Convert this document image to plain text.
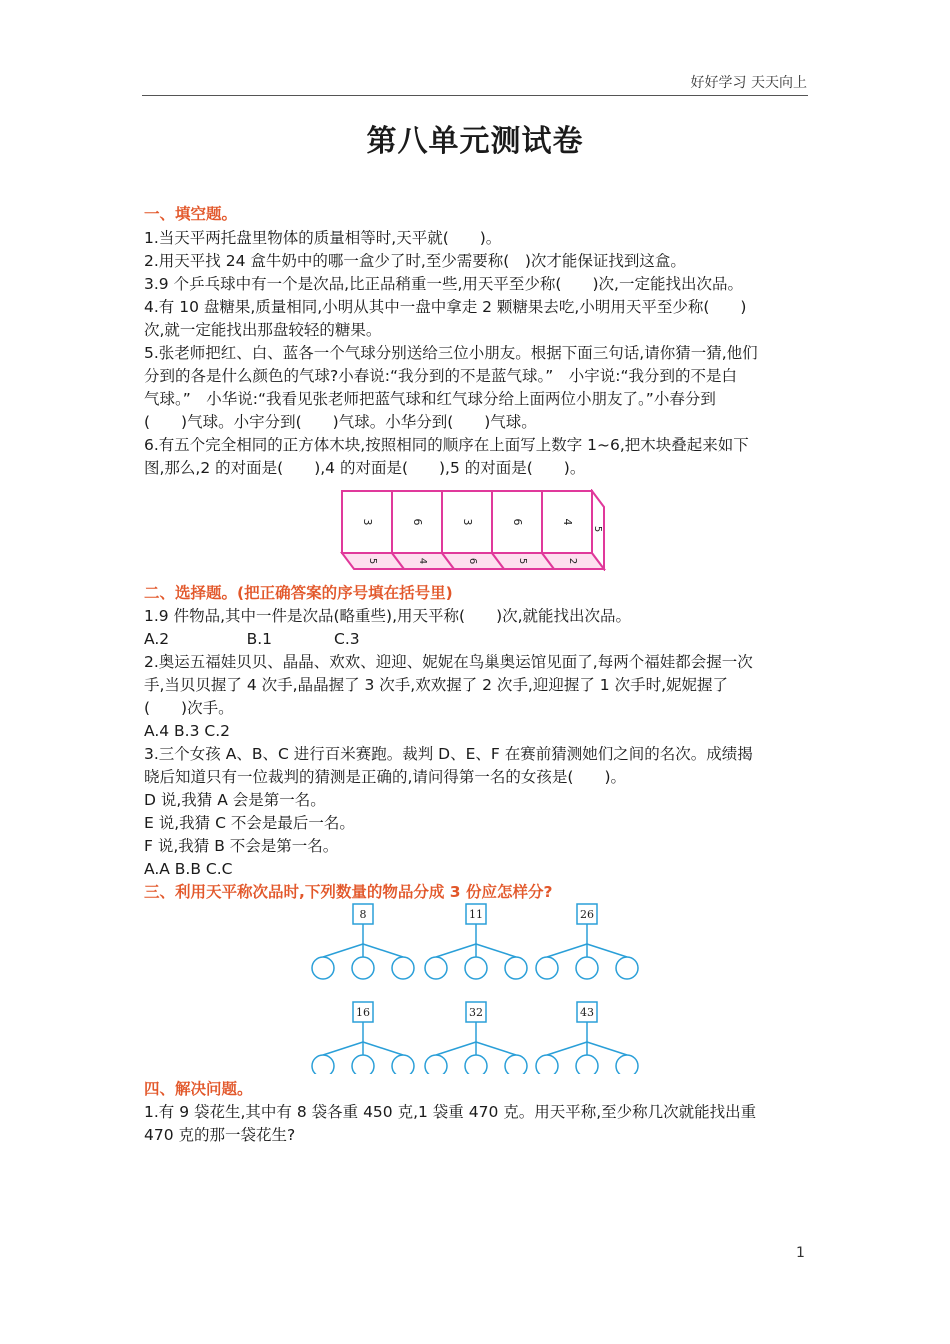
好好学习 天天向上
第八单元测试卷
一、填空题。
1.当天平两托盘里物体的质量相等时,天平就(　　)。
2.用天平找 24 盒牛奶中的哪一盒少了时,至少需要称(　)次才能保证找到这盒。
3.9 个乒乓球中有一个是次品,比正品稍重一些,用天平至少称(　　)次,一定能找出次品。
4.有 10 盘糖果,质量相同,小明从其中一盘中拿走 2 颗糖果去吃,小明用天平至少称(　　)
次,就一定能找出那盘较轻的糖果。
5.张老师把红、白、蓝各一个气球分别送给三位小朋友。根据下面三句话,请你猜一猜,他们
分到的各是什么颜色的气球?小春说:“我分到的不是蓝气球。”　小宇说:“我分到的不是白
气球。”　小华说:“我看见张老师把蓝气球和红气球分给上面两位小朋友了。”小春分到
(　　)气球。小宇分到(　　)气球。小华分到(　　)气球。
6.有五个完全相同的正方体木块,按照相同的顺序在上面写上数字 1~6,把木块叠起来如下
图,那么,2 的对面是(　　),4 的对面是(　　),5 的对面是(　　)。
3	6	3	6	4
5	4	6	5	2
5
二、选择题。(把正确答案的序号填在括号里)
1.9 件物品,其中一件是次品(略重些),用天平称(　　)次,就能找出次品。
A.2　　　　　B.1　　　　C.3
2.奥运五福娃贝贝、晶晶、欢欢、迎迎、妮妮在鸟巢奥运馆见面了,每两个福娃都会握一次
手,当贝贝握了 4 次手,晶晶握了 3 次手,欢欢握了 2 次手,迎迎握了 1 次手时,妮妮握了
(　　)次手。
A.4 B.3 C.2
3.三个女孩 A、B、C 进行百米赛跑。裁判 D、E、F 在赛前猜测她们之间的名次。成绩揭
晓后知道只有一位裁判的猜测是正确的,请问得第一名的女孩是(　　)。
D 说,我猜 A 会是第一名。
E 说,我猜 C 不会是最后一名。
F 说,我猜 B 不会是第一名。
A.A B.B C.C
三、利用天平称次品时,下列数量的物品分成 3 份应怎样分?
8	11	26
16	32	43
四、解决问题。
1.有 9 袋花生,其中有 8 袋各重 450 克,1 袋重 470 克。用天平称,至少称几次就能找出重
470 克的那一袋花生?
1
